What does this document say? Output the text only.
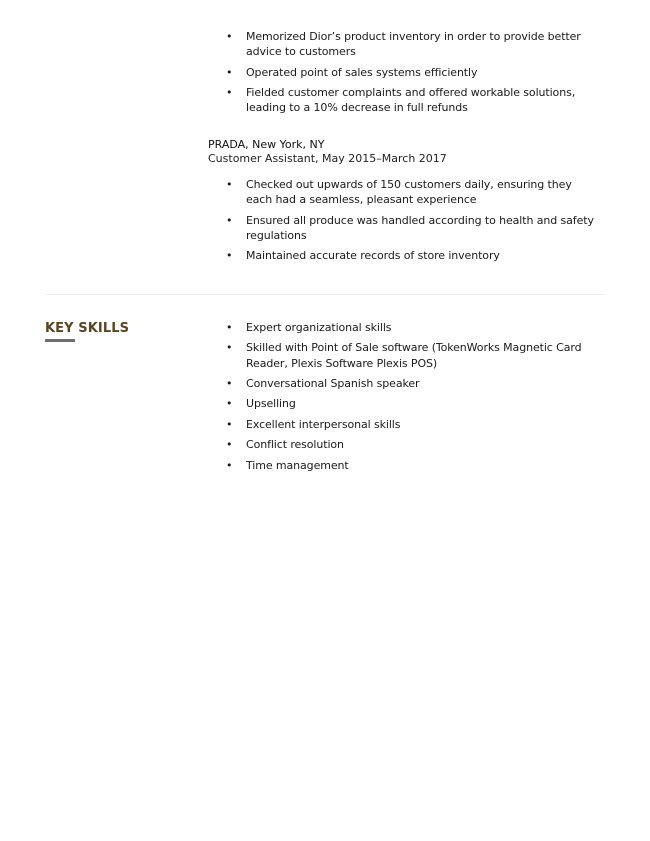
• Memorized Dior’s product inventory in order to provide better advice to customers
• Operated point of sales systems efficiently
• Fielded customer complaints and offered workable solutions, leading to a 10% decrease in full refunds
PRADA, New York, NY
Customer Assistant, May 2015–March 2017
• Checked out upwards of 150 customers daily, ensuring they each had a seamless, pleasant experience
• Ensured all produce was handled according to health and safety regulations
• Maintained accurate records of store inventory
KEY SKILLS	• Expert organizational skills
• Skilled with Point of Sale software (TokenWorks Magnetic Card Reader, Plexis Software Plexis POS)
• Conversational Spanish speaker
• Upselling
• Excellent interpersonal skills
• Conflict resolution
• Time management
